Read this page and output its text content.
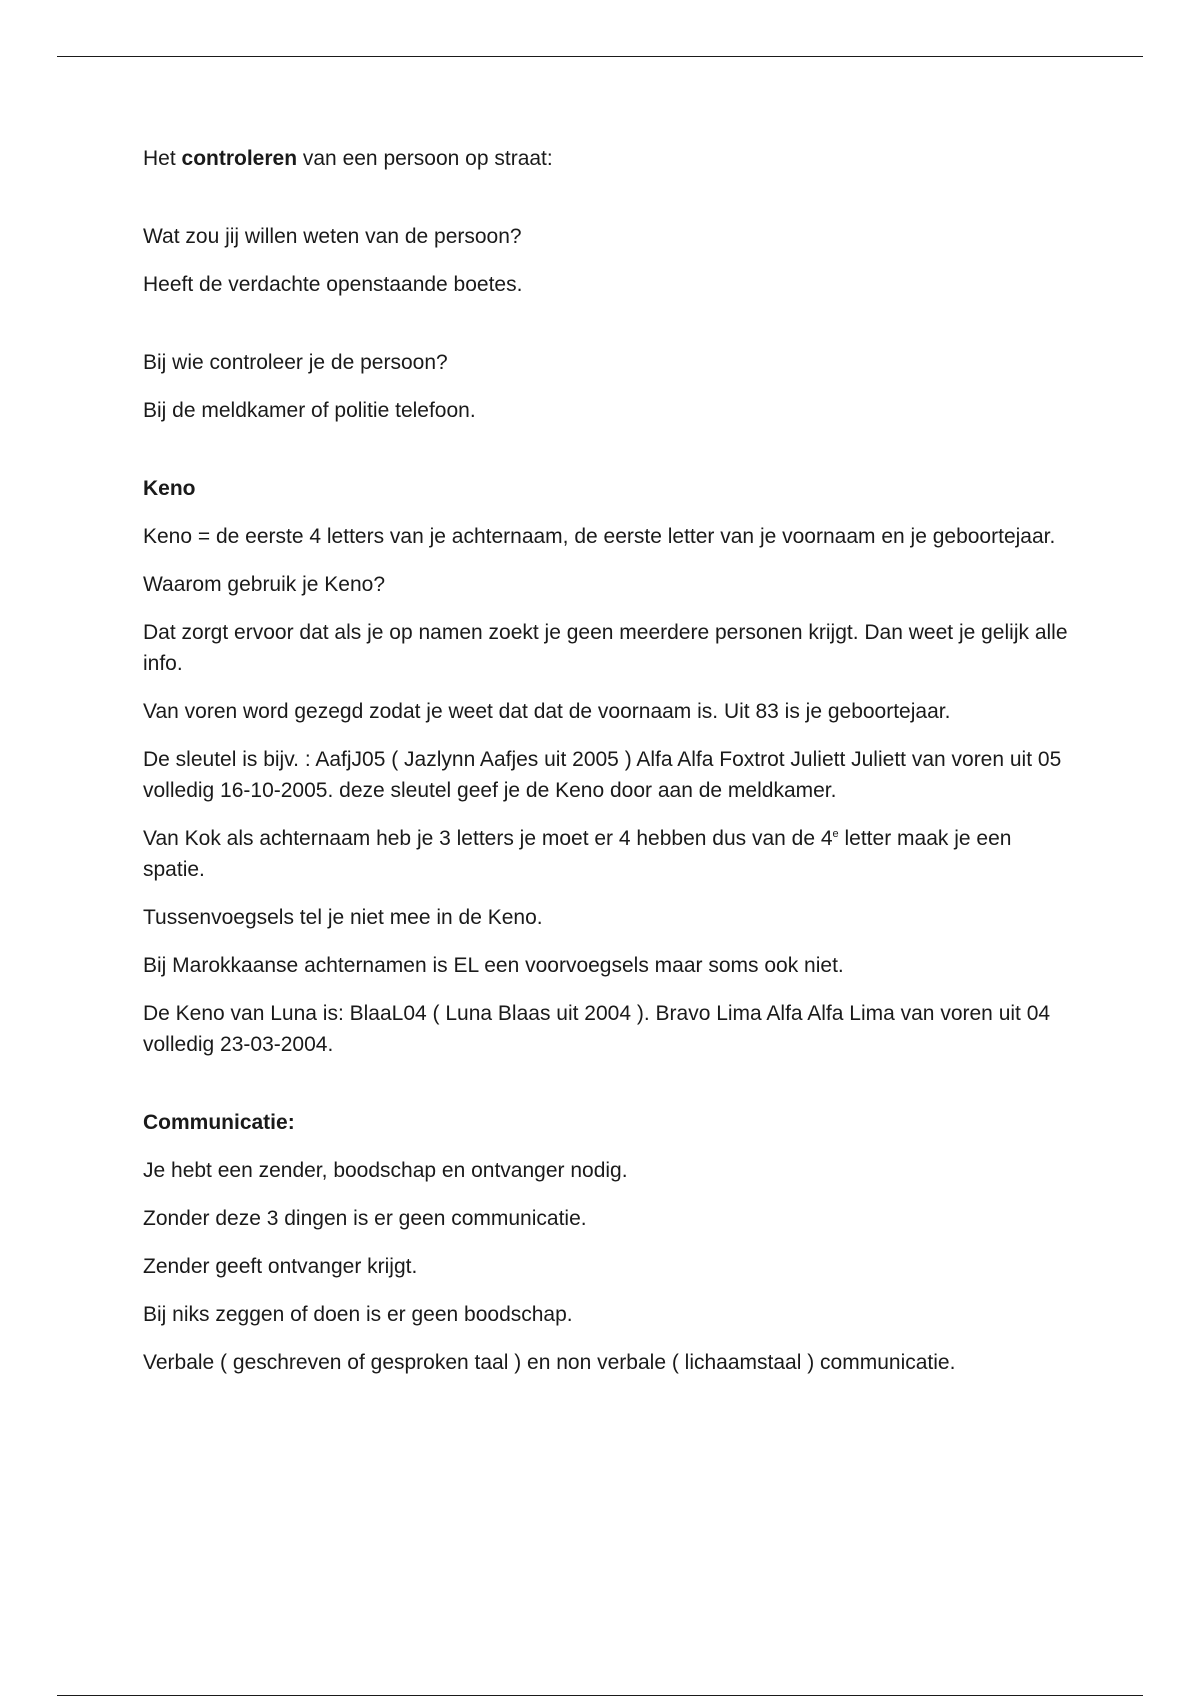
Het controleren van een persoon op straat:

Wat zou jij willen weten van de persoon?

Heeft de verdachte openstaande boetes.

Bij wie controleer je de persoon?

Bij de meldkamer of politie telefoon.

Keno

Keno = de eerste 4 letters van je achternaam, de eerste letter van je voornaam en je geboortejaar.

Waarom gebruik je Keno?

Dat zorgt ervoor dat als je op namen zoekt je geen meerdere personen krijgt. Dan weet je gelijk alle info.

Van voren word gezegd zodat je weet dat dat de voornaam is. Uit 83 is je geboortejaar.

De sleutel is bijv. : AafjJ05 ( Jazlynn Aafjes uit 2005 ) Alfa Alfa Foxtrot Juliett Juliett van voren uit 05 volledig 16-10-2005. deze sleutel geef je de Keno door aan de meldkamer.

Van Kok als achternaam heb je 3 letters je moet er 4 hebben dus van de 4e letter maak je een spatie.

Tussenvoegsels tel je niet mee in de Keno.

Bij Marokkaanse achternamen is EL een voorvoegsels maar soms ook niet.

De Keno van Luna is: BlaaL04 ( Luna Blaas uit 2004 ). Bravo Lima Alfa Alfa Lima van voren uit 04 volledig 23-03-2004.

Communicatie:

Je hebt een zender, boodschap en ontvanger nodig.

Zonder deze 3 dingen is er geen communicatie.

Zender geeft ontvanger krijgt.

Bij niks zeggen of doen is er geen boodschap.

Verbale ( geschreven of gesproken taal ) en non verbale ( lichaamstaal ) communicatie.
